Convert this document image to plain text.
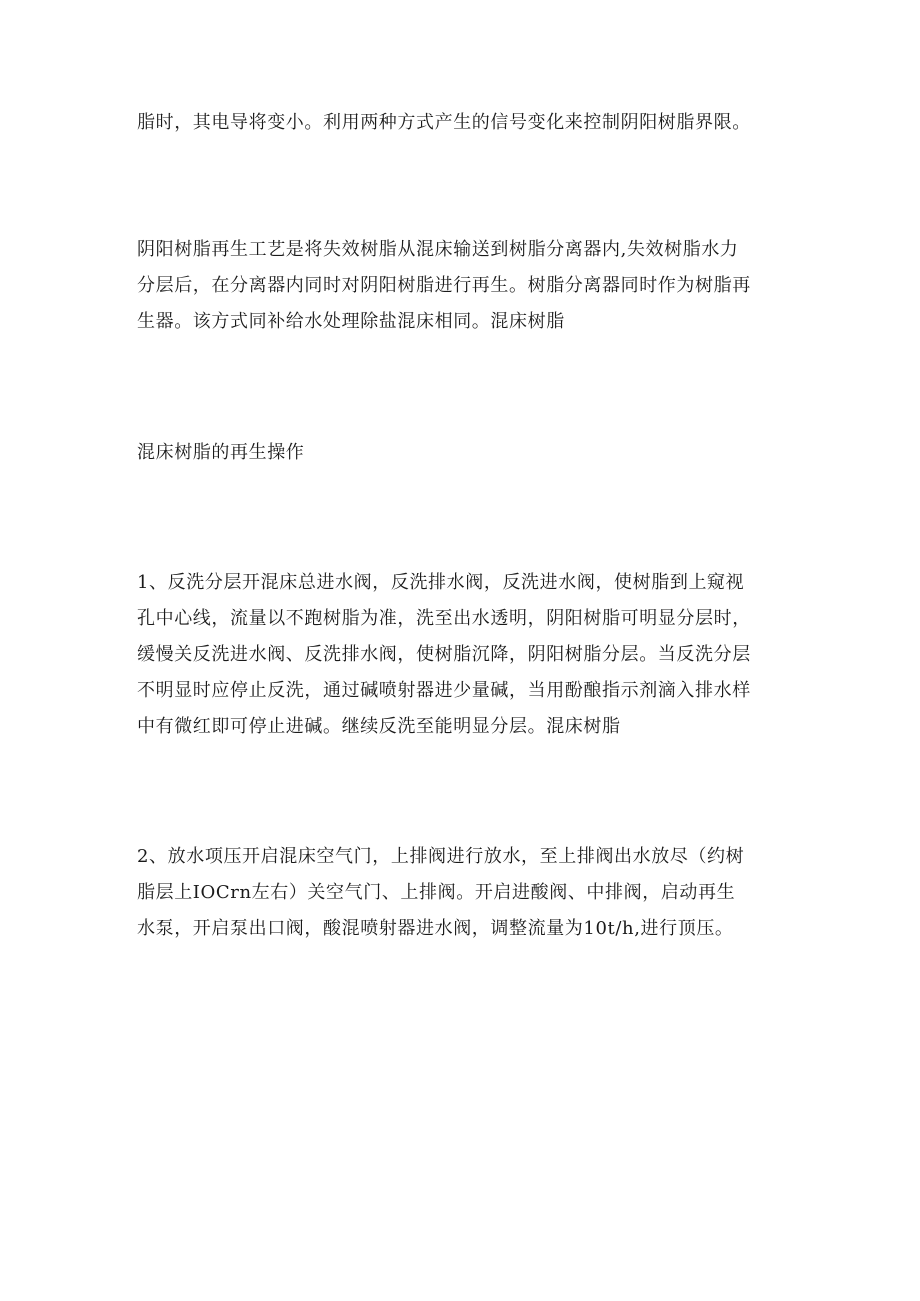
脂时，其电导将变小。利用两种方式产生的信号变化来控制阴阳树脂界限。

阴阳树脂再生工艺是将失效树脂从混床输送到树脂分离器内,失效树脂水力
分层后，在分离器内同时对阴阳树脂进行再生。树脂分离器同时作为树脂再
生器。该方式同补给水处理除盐混床相同。混床树脂

混床树脂的再生操作

1、反洗分层开混床总进水阀，反洗排水阀，反洗进水阀，使树脂到上窥视
孔中心线，流量以不跑树脂为准，洗至出水透明，阴阳树脂可明显分层时，
缓慢关反洗进水阀、反洗排水阀，使树脂沉降，阴阳树脂分层。当反洗分层
不明显时应停止反洗，通过碱喷射器进少量碱，当用酚酿指示剂滴入排水样
中有微红即可停止进碱。继续反洗至能明显分层。混床树脂

2、放水项压开启混床空气门，上排阀进行放水，至上排阀出水放尽（约树
脂层上IOCrn左右）关空气门、上排阀。开启进酸阀、中排阀，启动再生
水泵，开启泵出口阀，酸混喷射器进水阀，调整流量为10t/h,进行顶压。
